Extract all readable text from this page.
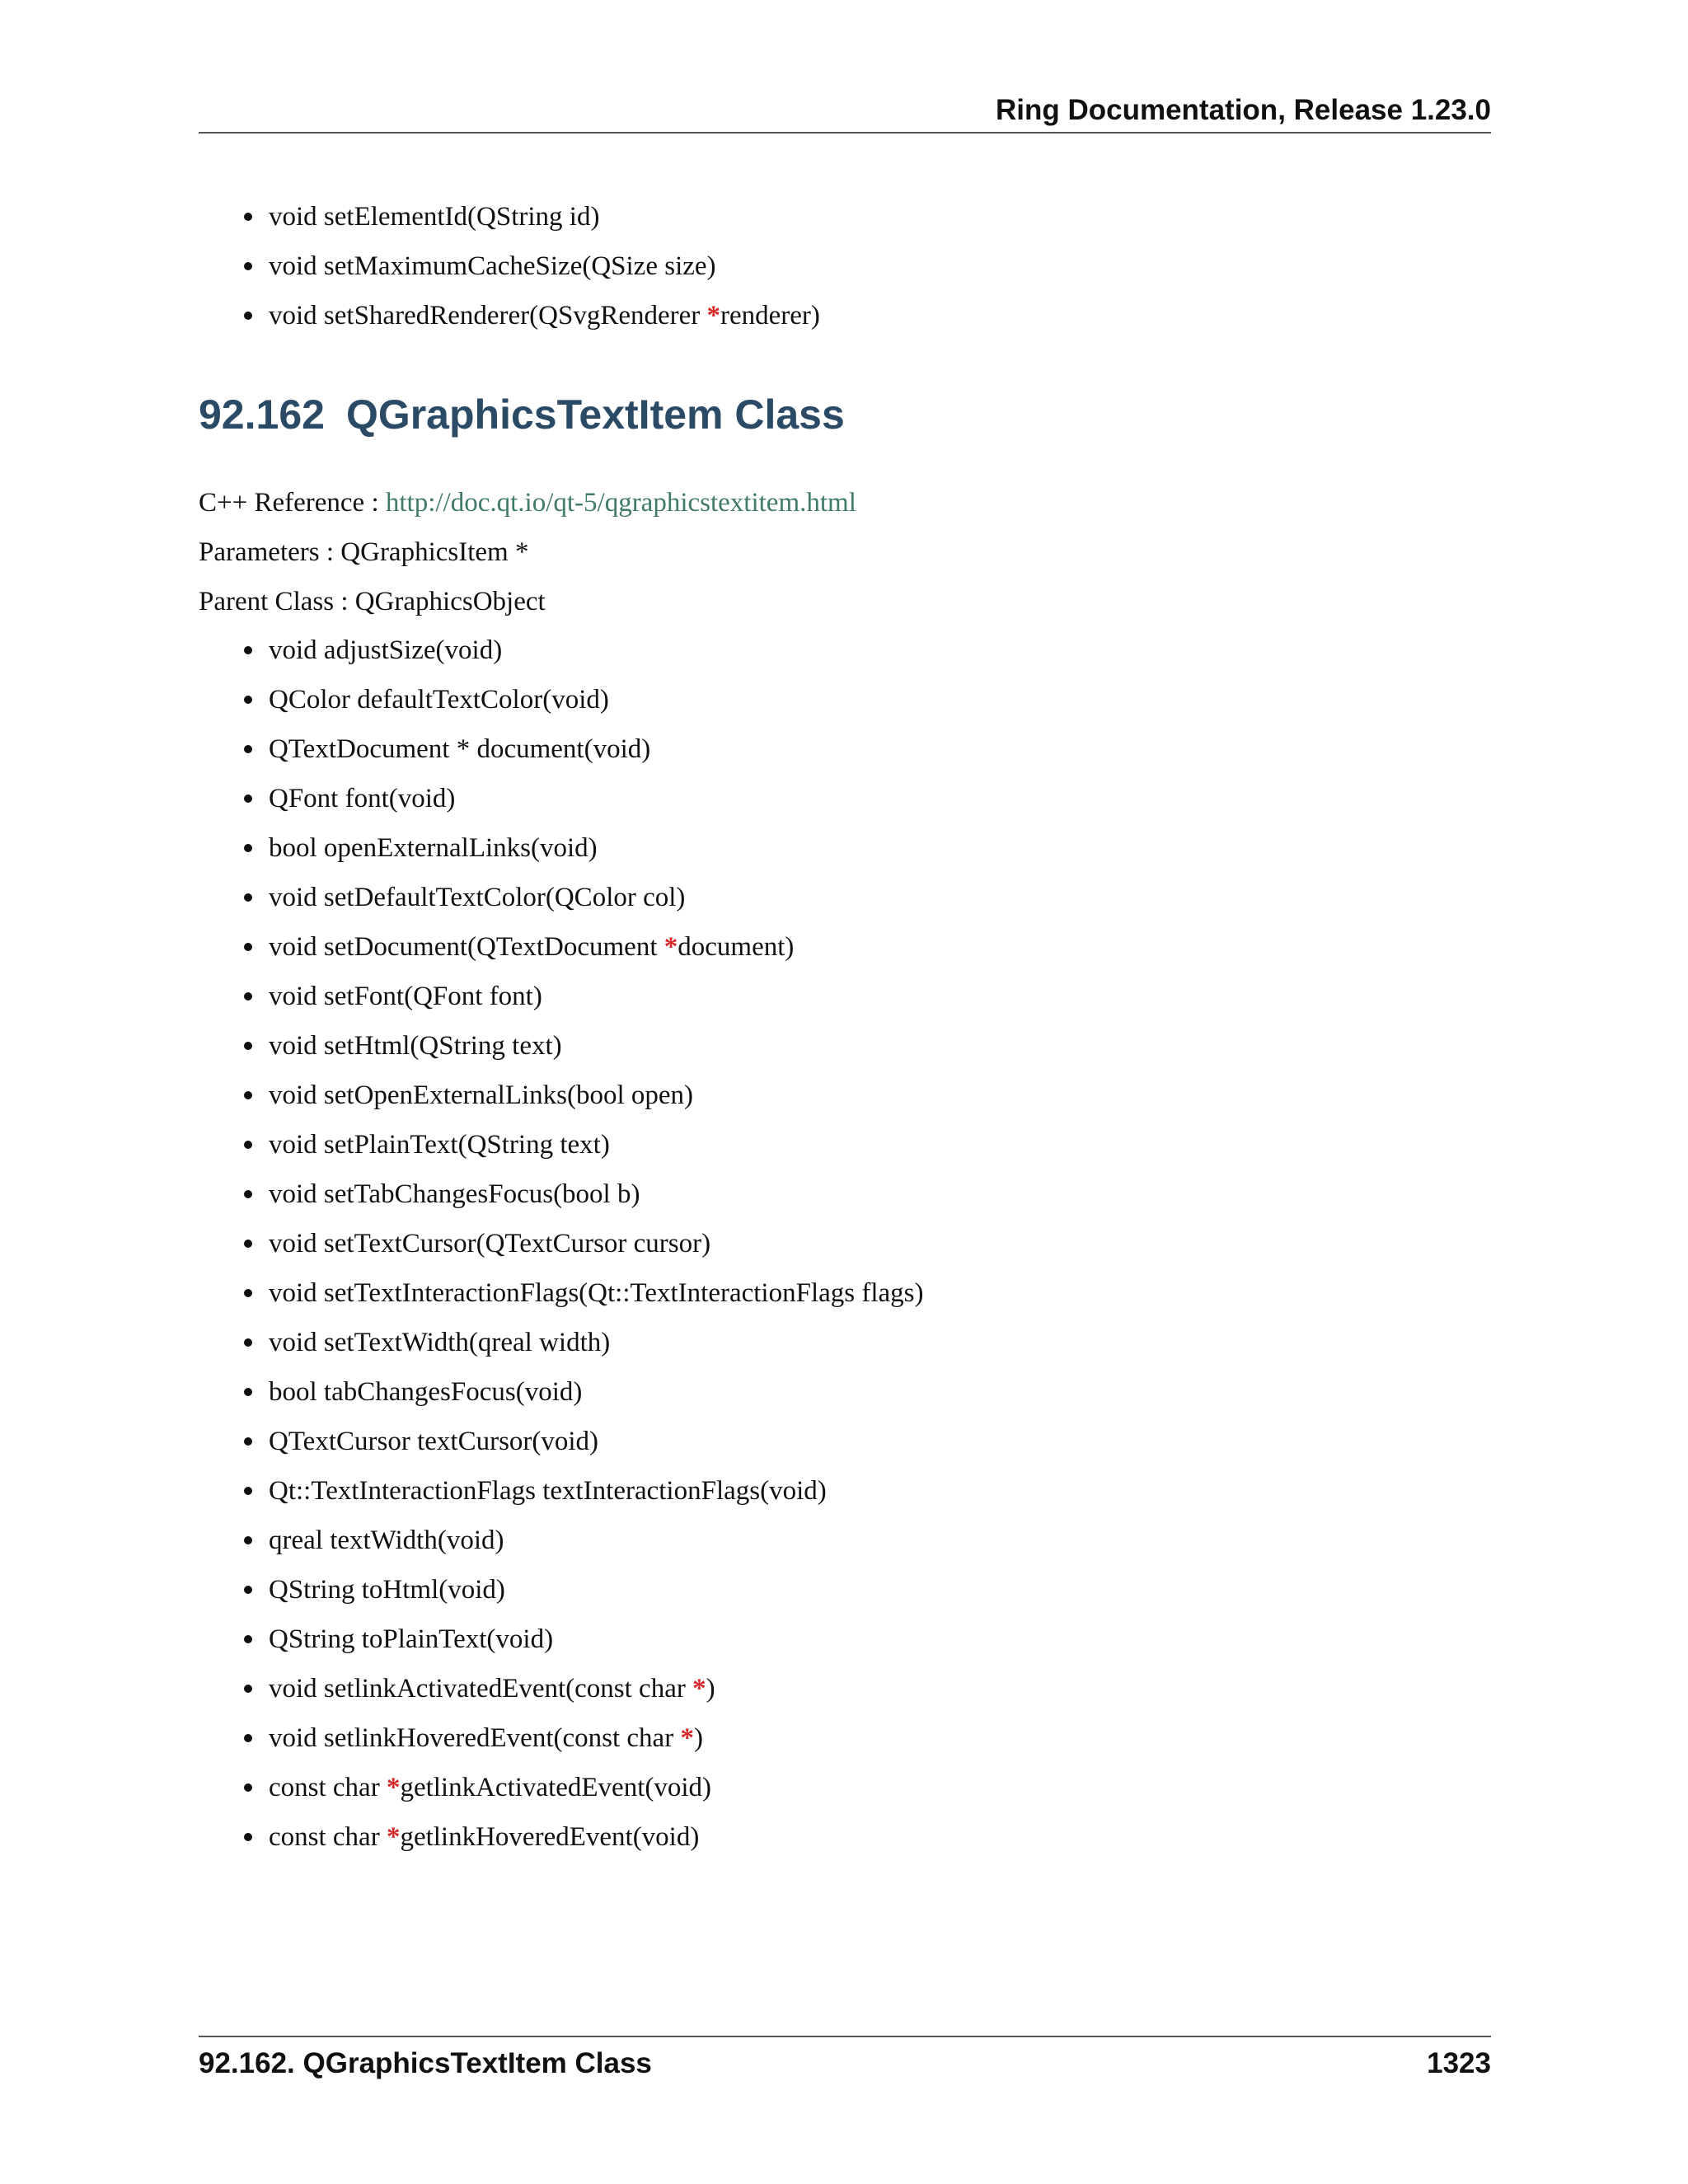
Ring Documentation, Release 1.23.0
void setElementId(QString id)
void setMaximumCacheSize(QSize size)
void setSharedRenderer(QSvgRenderer *renderer)
92.162 QGraphicsTextItem Class
C++ Reference : http://doc.qt.io/qt-5/qgraphicstextitem.html
Parameters : QGraphicsItem *
Parent Class : QGraphicsObject
void adjustSize(void)
QColor defaultTextColor(void)
QTextDocument * document(void)
QFont font(void)
bool openExternalLinks(void)
void setDefaultTextColor(QColor col)
void setDocument(QTextDocument *document)
void setFont(QFont font)
void setHtml(QString text)
void setOpenExternalLinks(bool open)
void setPlainText(QString text)
void setTabChangesFocus(bool b)
void setTextCursor(QTextCursor cursor)
void setTextInteractionFlags(Qt::TextInteractionFlags flags)
void setTextWidth(qreal width)
bool tabChangesFocus(void)
QTextCursor textCursor(void)
Qt::TextInteractionFlags textInteractionFlags(void)
qreal textWidth(void)
QString toHtml(void)
QString toPlainText(void)
void setlinkActivatedEvent(const char *)
void setlinkHoveredEvent(const char *)
const char *getlinkActivatedEvent(void)
const char *getlinkHoveredEvent(void)
92.162. QGraphicsTextItem Class	1323
